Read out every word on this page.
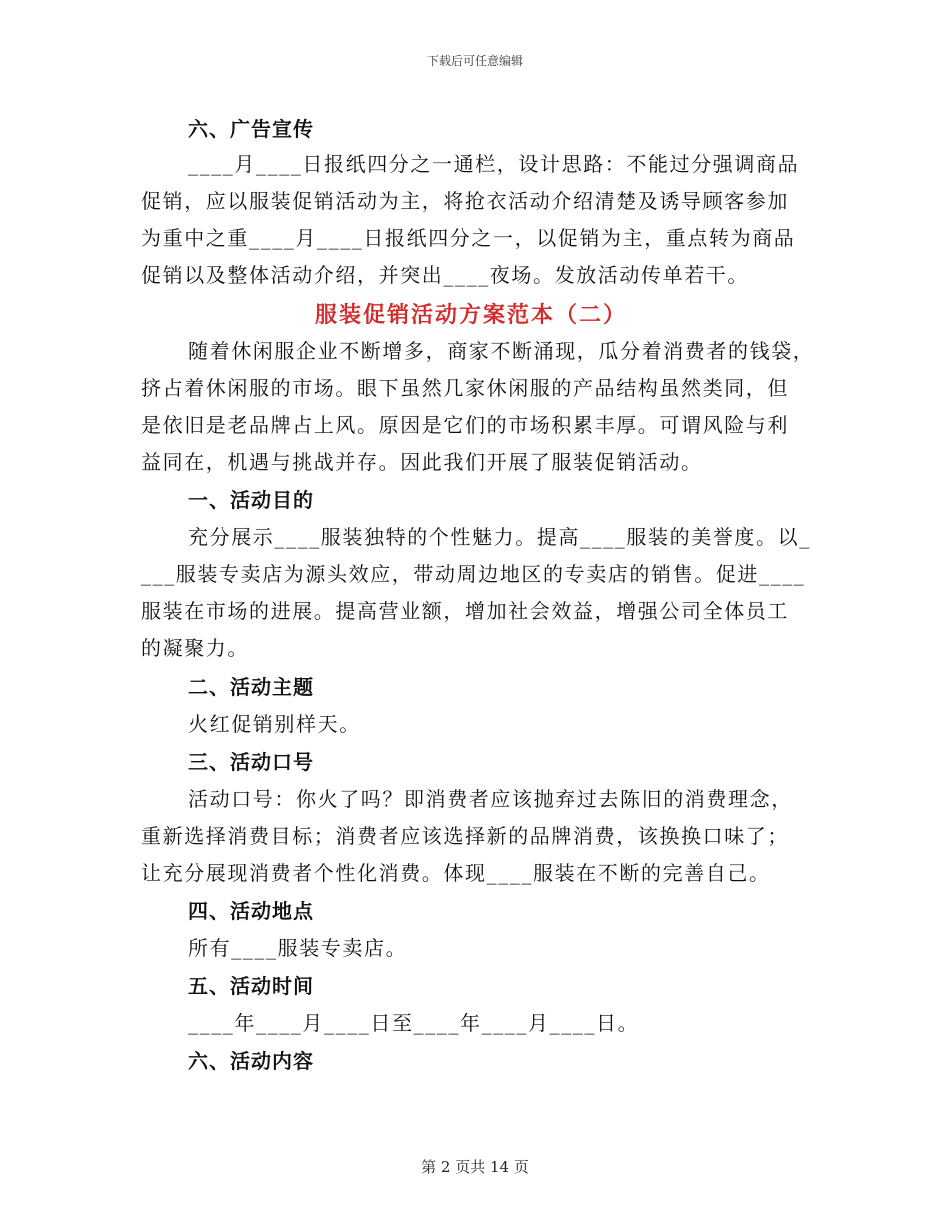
下载后可任意编辑
六、广告宣传
____月____日报纸四分之一通栏，设计思路：不能过分强调商品
促销，应以服装促销活动为主，将抢衣活动介绍清楚及诱导顾客参加
为重中之重____月____日报纸四分之一，以促销为主，重点转为商品
促销以及整体活动介绍，并突出____夜场。发放活动传单若干。
服装促销活动方案范本（二）
随着休闲服企业不断增多，商家不断涌现，瓜分着消费者的钱袋，
挤占着休闲服的市场。眼下虽然几家休闲服的产品结构虽然类同，但
是依旧是老品牌占上风。原因是它们的市场积累丰厚。可谓风险与利
益同在，机遇与挑战并存。因此我们开展了服装促销活动。
一、活动目的
充分展示____服装独特的个性魅力。提高____服装的美誉度。以_
___服装专卖店为源头效应，带动周边地区的专卖店的销售。促进____
服装在市场的进展。提高营业额，增加社会效益，增强公司全体员工
的凝聚力。
二、活动主题
火红促销别样天。
三、活动口号
活动口号：你火了吗？即消费者应该抛弃过去陈旧的消费理念，
重新选择消费目标；消费者应该选择新的品牌消费，该换换口味了；
让充分展现消费者个性化消费。体现____服装在不断的完善自己。
四、活动地点
所有____服装专卖店。
五、活动时间
____年____月____日至____年____月____日。
六、活动内容
第 2 页共 14 页
